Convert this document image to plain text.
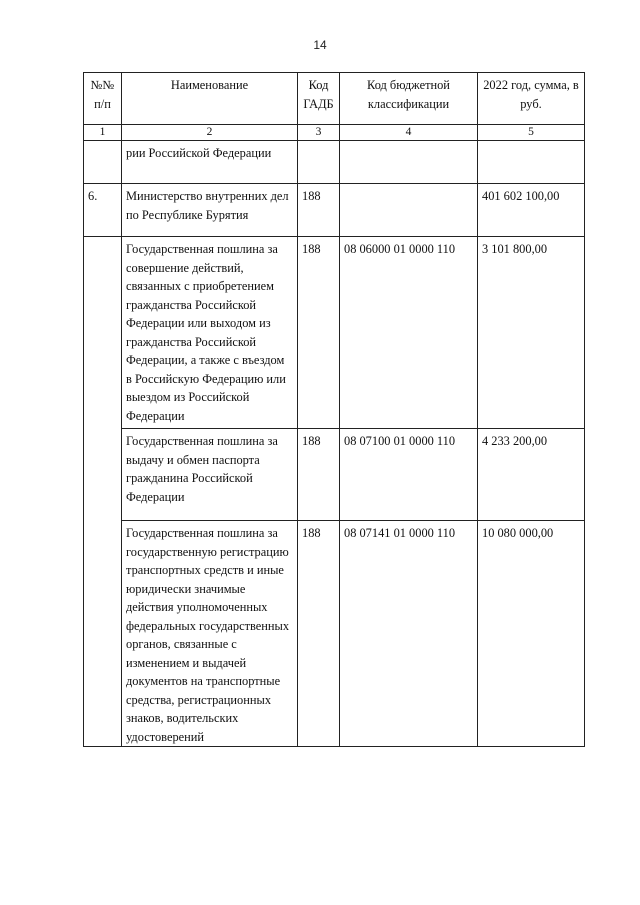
14
№№ п/п	Наименование	Код ГАДБ	Код бюджетной классификации	2022 год, сумма, в руб.
1	2	3	4	5
	рии Российской Федерации			
6.	Министерство внутренних дел по Республике Бурятия	188		401 602 100,00
	Государственная пошлина за совершение действий, связанных с приобретением гражданства Российской Федерации или выходом из гражданства Российской Федерации, а также с въездом в Российскую Федерацию или выездом из Российской Федерации	188	08 06000 01 0000 110	3 101 800,00
	Государственная пошлина за выдачу и обмен паспорта гражданина Российской Федерации	188	08 07100 01 0000 110	4 233 200,00
	Государственная пошлина за государственную регистрацию транспортных средств и иные юридически значимые действия уполномоченных федеральных государственных органов, связанные с изменением и выдачей документов на транспортные средства, регистрационных знаков, водительских удостоверений	188	08 07141 01 0000 110	10 080 000,00
